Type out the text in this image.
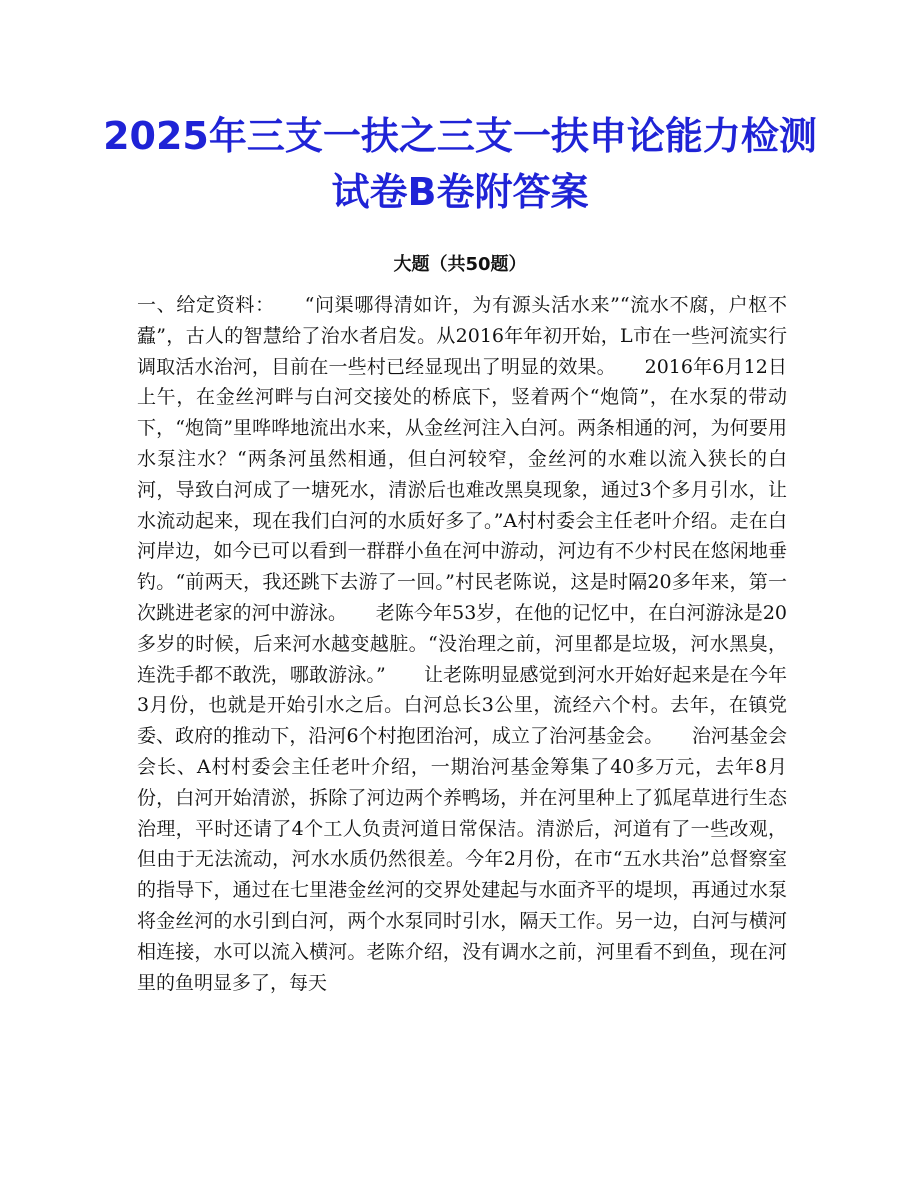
2025年三支一扶之三支一扶申论能力检测试卷B卷附答案
大题（共50题）

一、给定资料：　　“问渠哪得清如许，为有源头活水来”“流水不腐，户枢不蠹”，古人的智慧给了治水者启发。从2016年年初开始，L市在一些河流实行调取活水治河，目前在一些村已经显现出了明显的效果。　　2016年6月12日上午，在金丝河畔与白河交接处的桥底下，竖着两个“炮筒”，在水泵的带动下，“炮筒”里哗哗地流出水来，从金丝河注入白河。两条相通的河，为何要用水泵注水？“两条河虽然相通，但白河较窄，金丝河的水难以流入狭长的白河，导致白河成了一塘死水，清淤后也难改黑臭现象，通过3个多月引水，让水流动起来，现在我们白河的水质好多了。”A村村委会主任老叶介绍。走在白河岸边，如今已可以看到一群群小鱼在河中游动，河边有不少村民在悠闲地垂钓。“前两天，我还跳下去游了一回。”村民老陈说，这是时隔20多年来，第一次跳进老家的河中游泳。　　老陈今年53岁，在他的记忆中，在白河游泳是20多岁的时候，后来河水越变越脏。“没治理之前，河里都是垃圾，河水黑臭，连洗手都不敢洗，哪敢游泳。”　　让老陈明显感觉到河水开始好起来是在今年3月份，也就是开始引水之后。白河总长3公里，流经六个村。去年，在镇党委、政府的推动下，沿河6个村抱团治河，成立了治河基金会。　　治河基金会会长、A村村委会主任老叶介绍，一期治河基金筹集了40多万元，去年8月份，白河开始清淤，拆除了河边两个养鸭场，并在河里种上了狐尾草进行生态治理，平时还请了4个工人负责河道日常保洁。清淤后，河道有了一些改观，但由于无法流动，河水水质仍然很差。今年2月份，在市“五水共治”总督察室的指导下，通过在七里港金丝河的交界处建起与水面齐平的堤坝，再通过水泵将金丝河的水引到白河，两个水泵同时引水，隔天工作。另一边，白河与横河相连接，水可以流入横河。老陈介绍，没有调水之前，河里看不到鱼，现在河里的鱼明显多了，每天
